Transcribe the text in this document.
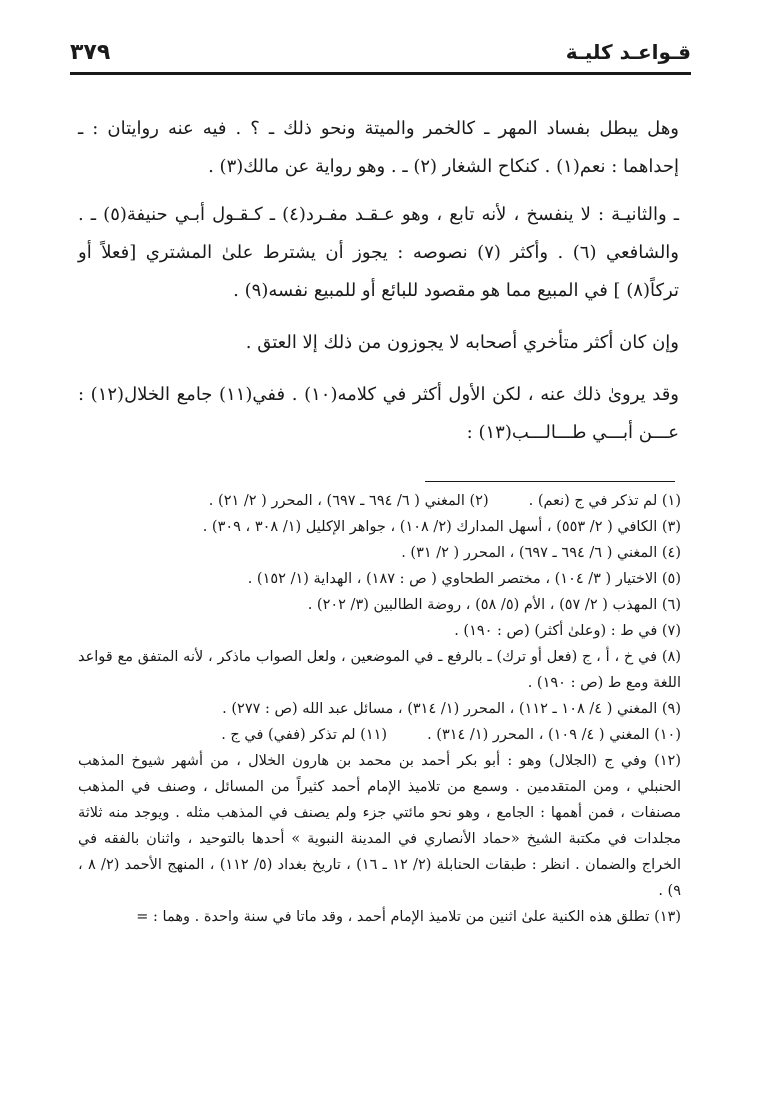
قـواعـد كليـة
٣٧٩

وهل يبطل بفساد المهر ـ كالخمر والميتة ونحو ذلك ـ ؟ . فيه عنه روايتان : ـ إحداهما : نعم(١) . كنكاح الشغار (٢) ـ . وهو رواية عن مالك(٣) .

ـ والثانيـة : لا ينفسخ ، لأنه تابع ، وهو عـقـد مفـرد(٤) ـ كـقـول أبـي حنيفة(٥) ـ . والشافعي (٦) . وأكثر (٧) نصوصه : يجوز أن يشترط علىٰ المشتري [فعلاً أو تركاً(٨) ] في المبيع مما هو مقصود للبائع أو للمبيع نفسه(٩) .

وإن كان أكثر متأخري أصحابه لا يجوزون من ذلك إلا العتق .

وقد يروىٰ ذلك عنه ، لكن الأول أكثر في كلامه(١٠) . ففي(١١) جامع الخلال(١٢) : عـــن أبـــي طـــالـــب(١٣) :

(١) لم تذكر في ج (نعم) .
(٢) المغني ( ٦/ ٦٩٤ ـ ٦٩٧) ، المحرر ( ٢/ ٢١) .
(٣) الكافي ( ٢/ ٥٥٣) ، أسهل المدارك (٢/ ١٠٨) ، جواهر الإكليل (١/ ٣٠٨ ، ٣٠٩) .
(٤) المغني ( ٦/ ٦٩٤ ـ ٦٩٧) ، المحرر ( ٢/ ٣١) .
(٥) الاختيار ( ٣/ ١٠٤) ، مختصر الطحاوي ( ص : ١٨٧) ، الهداية (١/ ١٥٢) .
(٦) المهذب ( ٢/ ٥٧) ، الأم (٥/ ٥٨) ، روضة الطالبين (٣/ ٢٠٢) .
(٧) في ط : (وعلىٰ أكثر) (ص : ١٩٠) .
(٨) في خ ، أ ، ج (فعل أو ترك) ـ بالرفع ـ في الموضعين ، ولعل الصواب ماذكر ، لأنه المتفق مع قواعد اللغة ومع ط (ص : ١٩٠) .
(٩) المغني ( ٤/ ١٠٨ ـ ١١٢) ، المحرر (١/ ٣١٤) ، مسائل عبد الله (ص : ٢٧٧) .
(١٠) المغني ( ٤/ ١٠٩) ، المحرر (١/ ٣١٤) .
(١١) لم تذكر (ففي) في ج .
(١٢) وفي ج (الجلال) وهو : أبو بكر أحمد بن محمد بن هارون الخلال ، من أشهر شيوخ المذهب الحنبلي ، ومن المتقدمين . وسمع من تلاميذ الإمام أحمد كثيراً من المسائل ، وصنف في المذهب مصنفات ، فمن أهمها : الجامع ، وهو نحو مائتي جزء ولم يصنف في المذهب مثله . ويوجد منه ثلاثة مجلدات في مكتبة الشيخ «حماد الأنصاري في المدينة النبوية » أحدها بالتوحيد ، واثنان بالفقه في الخراج والضمان . انظر : طبقات الحنابلة (٢/ ١٢ ـ ١٦) ، تاريخ بغداد (٥/ ١١٢) ، المنهج الأحمد (٢/ ٨ ، ٩) .
(١٣) تطلق هذه الكنية علىٰ اثنين من تلاميذ الإمام أحمد ، وقد ماتا في سنة واحدة . وهما : =
